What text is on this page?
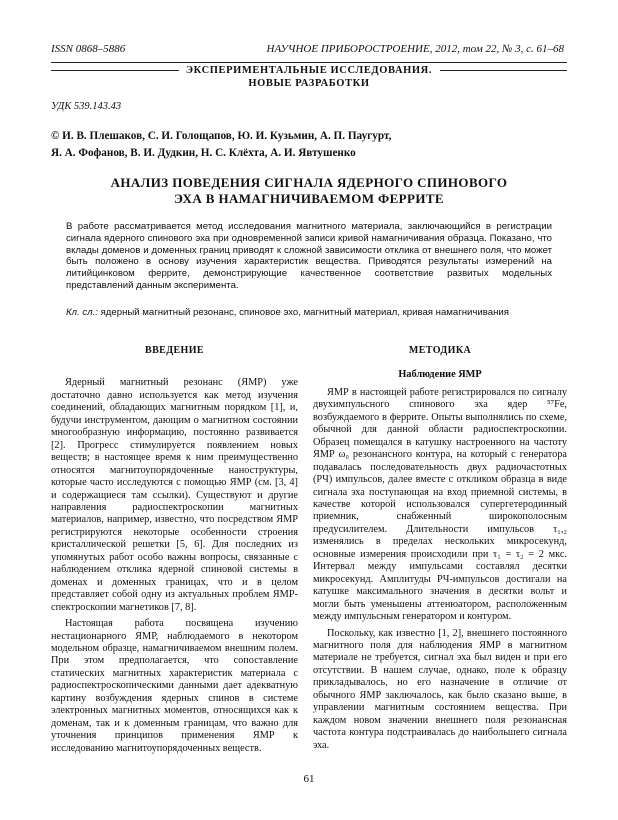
ISSN 0868–5886	НАУЧНОЕ ПРИБОРОСТРОЕНИЕ, 2012, том 22, № 3, с. 61–68
ЭКСПЕРИМЕНТАЛЬНЫЕ ИССЛЕДОВАНИЯ.
НОВЫЕ РАЗРАБОТКИ
УДК 539.143.43
© И. В. Плешаков, С. И. Голощапов, Ю. И. Кузьмин, А. П. Паугурт,
Я. А. Фофанов, В. И. Дудкин, Н. С. Клёхта, А. И. Явтушенко
АНАЛИЗ ПОВЕДЕНИЯ СИГНАЛА ЯДЕРНОГО СПИНОВОГО
ЭХА В НАМАГНИЧИВАЕМОМ ФЕРРИТЕ
В работе рассматривается метод исследования магнитного материала, заключающийся в регистрации сигнала ядерного спинового эха при одновременной записи кривой намагничивания образца. Показано, что вклады доменов и доменных границ приводят к сложной зависимости отклика от внешнего поля, что может быть положено в основу изучения характеристик вещества. Приводятся результаты измерений на литийцинковом феррите, демонстрирующие качественное соответствие развитых модельных представлений данным эксперимента.
Кл. сл.: ядерный магнитный резонанс, спиновое эхо, магнитный материал, кривая намагничивания
ВВЕДЕНИЕ

Ядерный магнитный резонанс (ЯМР) уже достаточно давно используется как метод изучения соединений, обладающих магнитным порядком [1], и, будучи инструментом, дающим о магнитном состоянии многообразную информацию, постоянно развивается [2]. Прогресс стимулируется появлением новых веществ; в настоящее время к ним преимущественно относятся магнитоупорядоченные наноструктуры, которые часто исследуются с помощью ЯМР (см. [3, 4] и содержащиеся там ссылки). Существуют и другие направления радиоспектроскопии магнитных материалов, например, известно, что посредством ЯМР регистрируются некоторые особенности строения кристаллической решетки [5, 6]. Для последних из упомянутых работ особо важны вопросы, связанные с наблюдением отклика ядерной спиновой системы в доменах и доменных границах, что и в целом представляет собой одну из актуальных проблем ЯМР-спектроскопии магнетиков [7, 8].

Настоящая работа посвящена изучению нестационарного ЯМР, наблюдаемого в некотором модельном образце, намагничиваемом внешним полем. При этом предполагается, что сопоставление статических магнитных характеристик материала с радиоспектроскопическими данными дает адекватную картину возбуждения ядерных спинов в системе электронных магнитных моментов, относящихся как к доменам, так и к доменным границам, что важно для уточнения принципов применения ЯМР к исследованию магнитоупорядоченных веществ.

МЕТОДИКА
Наблюдение ЯМР

ЯМР в настоящей работе регистрировался по сигналу двухимпульсного спинового эха ядер ⁵⁷Fe, возбуждаемого в феррите. Опыты выполнялись по схеме, обычной для данной области радиоспектроскопии. Образец помещался в катушку настроенного на частоту ЯМР ω₀ резонансного контура, на который с генератора подавалась последовательность двух радиочастотных (РЧ) импульсов, далее вместе с откликом образца в виде сигнала эха поступающая на вход приемной системы, в качестве которой использовался супергетеродинный приемник, снабженный широкополосным предусилителем. Длительности импульсов τ₁,₂ изменялись в пределах нескольких микросекунд, основные измерения происходили при τ₁ = τ₂ = 2 мкс. Интервал между импульсами составлял десятки микросекунд. Амплитуды РЧ-импульсов достигали на катушке максимального значения в десятки вольт и могли быть уменьшены аттенюатором, расположенным между импульсным генератором и контуром.

Поскольку, как известно [1, 2], внешнего постоянного магнитного поля для наблюдения ЯМР в магнитном материале не требуется, сигнал эха был виден и при его отсутствии. В нашем случае, однако, поле к образцу прикладывалось, но его назначение в отличие от обычного ЯМР заключалось, как было сказано выше, в управлении магнитным состоянием вещества. При каждом новом значении внешнего поля резонансная частота контура подстраивалась до наибольшего сигнала эха.

61
